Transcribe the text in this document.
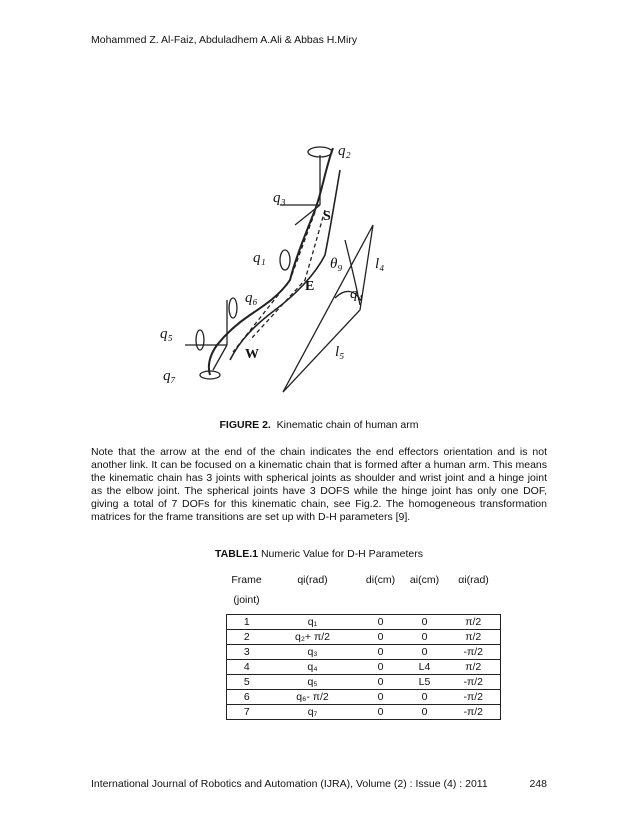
Mohammed Z. Al-Faiz, Abduladhem A.Ali & Abbas H.Miry
q₂
q₃
q₁
q₆
q₅
q₇
q₄
θ₉ l₄
l₅
S
E
W
FIGURE 2. Kinematic chain of human arm

Note that the arrow at the end of the chain indicates the end effectors orientation and is not another link. It can be focused on a kinematic chain that is formed after a human arm. This means the kinematic chain has 3 joints with spherical joints as shoulder and wrist joint and a hinge joint as the elbow joint. The spherical joints have 3 DOFS while the hinge joint has only one DOF, giving a total of 7 DOFs for this kinematic chain, see Fig.2. The homogeneous transformation matrices for the frame transitions are set up with D-H parameters [9].

TABLE.1 Numeric Value for D-H Parameters
Frame (joint)	qi(rad)	di(cm)	ai(cm)	αi(rad)
1	q₁	0	0	π/2
2	q₂+ π/2	0	0	π/2
3	q₃	0	0	-π/2
4	q₄	0	L4	π/2
5	q₅	0	L5	-π/2
6	q₆- π/2	0	0	-π/2
7	q₇	0	0	-π/2
International Journal of Robotics and Automation (IJRA), Volume (2) : Issue (4) : 2011	248
